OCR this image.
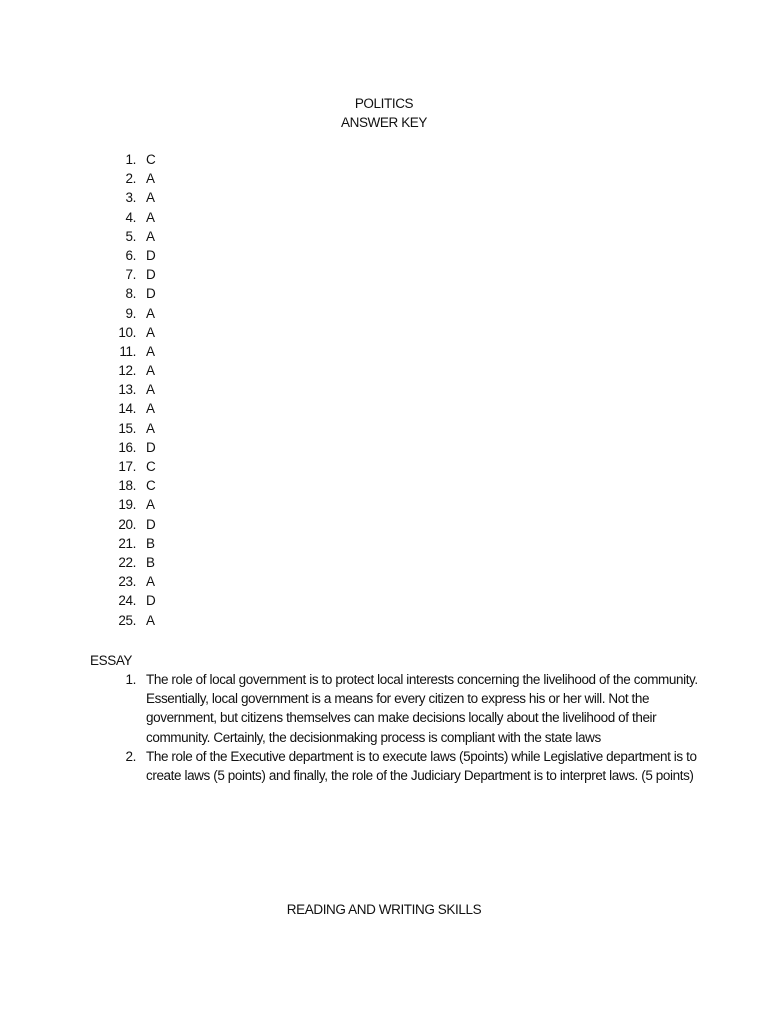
POLITICS
ANSWER KEY
1. C
2. A
3. A
4. A
5. A
6. D
7. D
8. D
9. A
10. A
11. A
12. A
13. A
14. A
15. A
16. D
17. C
18. C
19. A
20. D
21. B
22. B
23. A
24. D
25. A
ESSAY
1. The role of local government is to protect local interests concerning the livelihood of the community. Essentially, local government is a means for every citizen to express his or her will. Not the government, but citizens themselves can make decisions locally about the livelihood of their community. Certainly, the decisionmaking process is compliant with the state laws
2. The role of the Executive department is to execute laws (5points) while Legislative department is to create laws (5 points) and finally, the role of the Judiciary Department is to interpret laws. (5 points)
READING AND WRITING SKILLS
